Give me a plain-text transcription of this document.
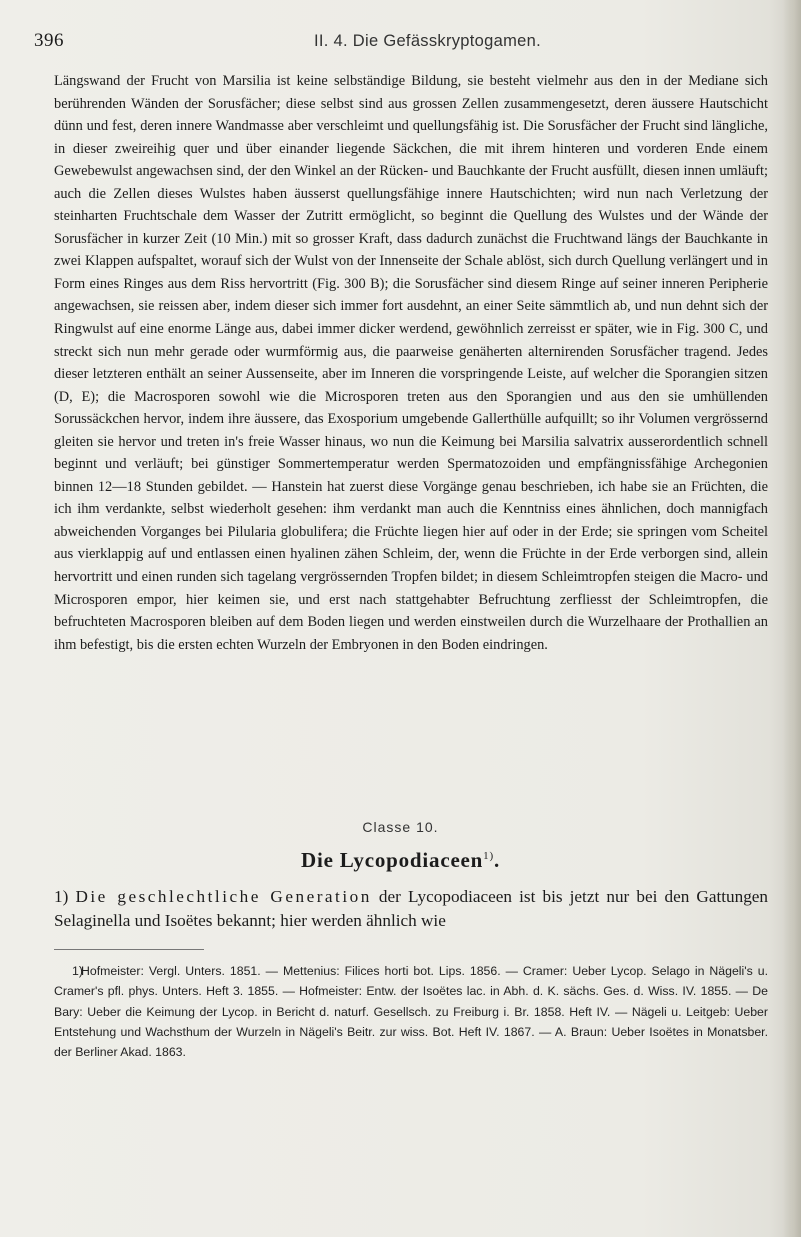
396	II. 4. Die Gefässkryptogamen.

Längswand der Frucht von Marsilia ist keine selbständige Bildung, sie besteht vielmehr aus den in der Mediane sich berührenden Wänden der Sorusfächer; diese selbst sind aus grossen Zellen zusammengesetzt, deren äussere Hautschicht dünn und fest, deren innere Wandmasse aber verschleimt und quellungsfähig ist. Die Sorusfächer der Frucht sind längliche, in dieser zweireihig quer und über einander liegende Säckchen, die mit ihrem hinteren und vorderen Ende einem Gewebewulst angewachsen sind, der den Winkel an der Rücken- und Bauchkante der Frucht ausfüllt, diesen innen umläuft; auch die Zellen dieses Wulstes haben äusserst quellungsfähige innere Hautschichten; wird nun nach Verletzung der steinharten Fruchtschale dem Wasser der Zutritt ermöglicht, so beginnt die Quellung des Wulstes und der Wände der Sorusfächer in kurzer Zeit (10 Min.) mit so grosser Kraft, dass dadurch zunächst die Fruchtwand längs der Bauchkante in zwei Klappen aufspaltet, worauf sich der Wulst von der Innenseite der Schale ablöst, sich durch Quellung verlängert und in Form eines Ringes aus dem Riss hervortritt (Fig. 300 B); die Sorusfächer sind diesem Ringe auf seiner inneren Peripherie angewachsen, sie reissen aber, indem dieser sich immer fort ausdehnt, an einer Seite sämmtlich ab, und nun dehnt sich der Ringwulst auf eine enorme Länge aus, dabei immer dicker werdend, gewöhnlich zerreisst er später, wie in Fig. 300 C, und streckt sich nun mehr gerade oder wurmförmig aus, die paarweise genäherten alternirenden Sorusfächer tragend. Jedes dieser letzteren enthält an seiner Aussenseite, aber im Inneren die vorspringende Leiste, auf welcher die Sporangien sitzen (D, E); die Macrosporen sowohl wie die Microsporen treten aus den Sporangien und aus den sie umhüllenden Sorussäckchen hervor, indem ihre äussere, das Exosporium umgebende Gallerthülle aufquillt; so ihr Volumen vergrössernd gleiten sie hervor und treten in's freie Wasser hinaus, wo nun die Keimung bei Marsilia salvatrix ausserordentlich schnell beginnt und verläuft; bei günstiger Sommertemperatur werden Spermatozoiden und empfängnissfähige Archegonien binnen 12—18 Stunden gebildet. — Hanstein hat zuerst diese Vorgänge genau beschrieben, ich habe sie an Früchten, die ich ihm verdankte, selbst wiederholt gesehen: ihm verdankt man auch die Kenntniss eines ähnlichen, doch mannigfach abweichenden Vorganges bei Pilularia globulifera; die Früchte liegen hier auf oder in der Erde; sie springen vom Scheitel aus vierklappig auf und entlassen einen hyalinen zähen Schleim, der, wenn die Früchte in der Erde verborgen sind, allein hervortritt und einen runden sich tagelang vergrössernden Tropfen bildet; in diesem Schleimtropfen steigen die Macro- und Microsporen empor, hier keimen sie, und erst nach stattgehabter Befruchtung zerfliesst der Schleimtropfen, die befruchteten Macrosporen bleiben auf dem Boden liegen und werden einstweilen durch die Wurzelhaare der Prothallien an ihm befestigt, bis die ersten echten Wurzeln der Embryonen in den Boden eindringen.

Classe 10.
Die Lycopodiaceen$^{1)}$.

1) Die geschlechtliche Generation der Lycopodiaceen ist bis jetzt nur bei den Gattungen Selaginella und Isoëtes bekannt; hier werden ähnlich wie

1) Hofmeister: Vergl. Unters. 1851. — Mettenius: Filices horti bot. Lips. 1856. — Cramer: Ueber Lycop. Selago in Nägeli's u. Cramer's pfl. phys. Unters. Heft 3. 1855. — Hofmeister: Entw. der Isoëtes lac. in Abh. d. K. sächs. Ges. d. Wiss. IV. 1855. — De Bary: Ueber die Keimung der Lycop. in Bericht d. naturf. Gesellsch. zu Freiburg i. Br. 1858. Heft IV. — Nägeli u. Leitgeb: Ueber Entstehung und Wachsthum der Wurzeln in Nägeli's Beitr. zur wiss. Bot. Heft IV. 1867. — A. Braun: Ueber Isoëtes in Monatsber. der Berliner Akad. 1863.
